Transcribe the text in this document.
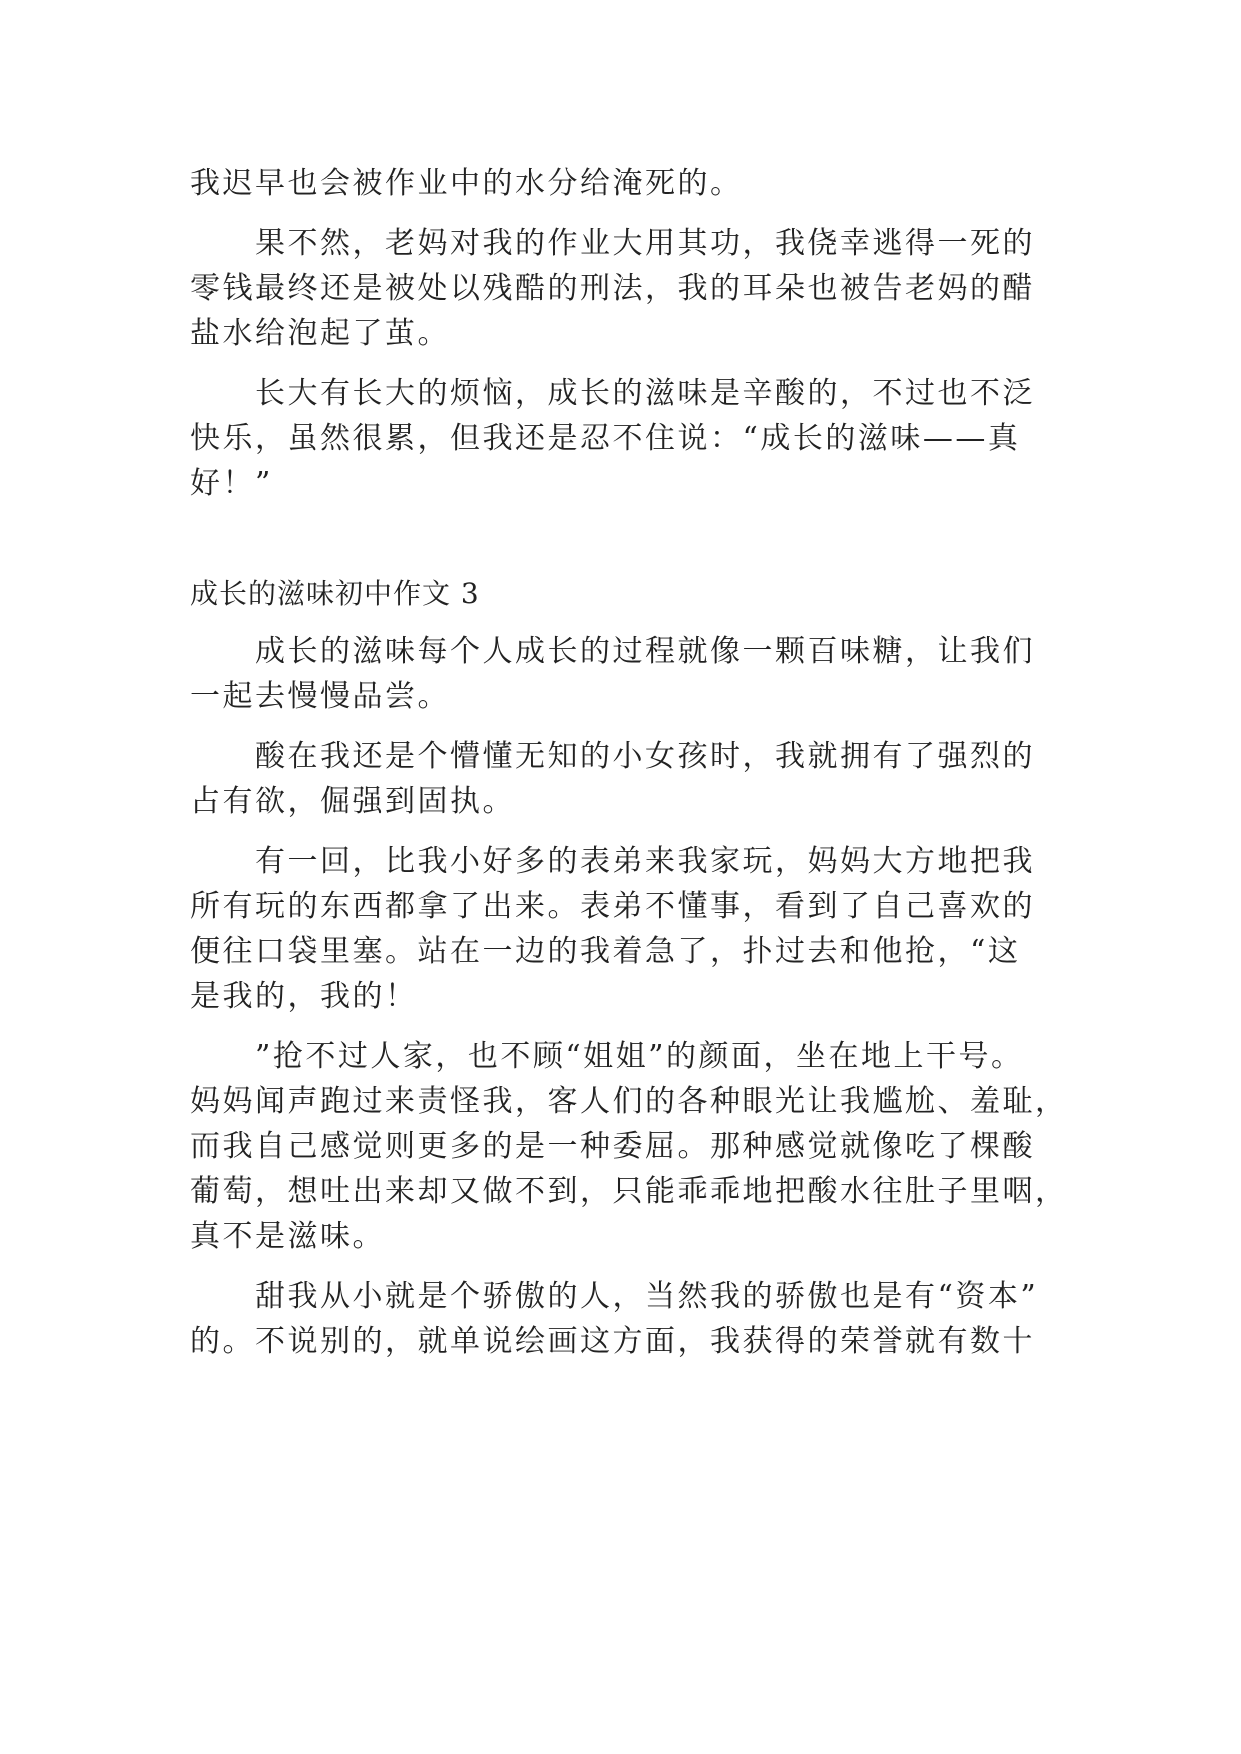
我迟早也会被作业中的水分给淹死的。
果不然，老妈对我的作业大用其功，我侥幸逃得一死的
零钱最终还是被处以残酷的刑法，我的耳朵也被告老妈的醋
盐水给泡起了茧。
长大有长大的烦恼，成长的滋味是辛酸的，不过也不泛
快乐，虽然很累，但我还是忍不住说：“成长的滋味——真
好！”
成长的滋味初中作文 3
成长的滋味每个人成长的过程就像一颗百味糖，让我们
一起去慢慢品尝。
酸在我还是个懵懂无知的小女孩时，我就拥有了强烈的
占有欲，倔强到固执。
有一回，比我小好多的表弟来我家玩，妈妈大方地把我
所有玩的东西都拿了出来。表弟不懂事，看到了自己喜欢的
便往口袋里塞。站在一边的我着急了，扑过去和他抢，“这
是我的，我的！
”抢不过人家，也不顾“姐姐”的颜面，坐在地上干号。
妈妈闻声跑过来责怪我，客人们的各种眼光让我尴尬、羞耻，
而我自己感觉则更多的是一种委屈。那种感觉就像吃了棵酸
葡萄，想吐出来却又做不到，只能乖乖地把酸水往肚子里咽，
真不是滋味。
甜我从小就是个骄傲的人，当然我的骄傲也是有“资本”
的。不说别的，就单说绘画这方面，我获得的荣誉就有数十
